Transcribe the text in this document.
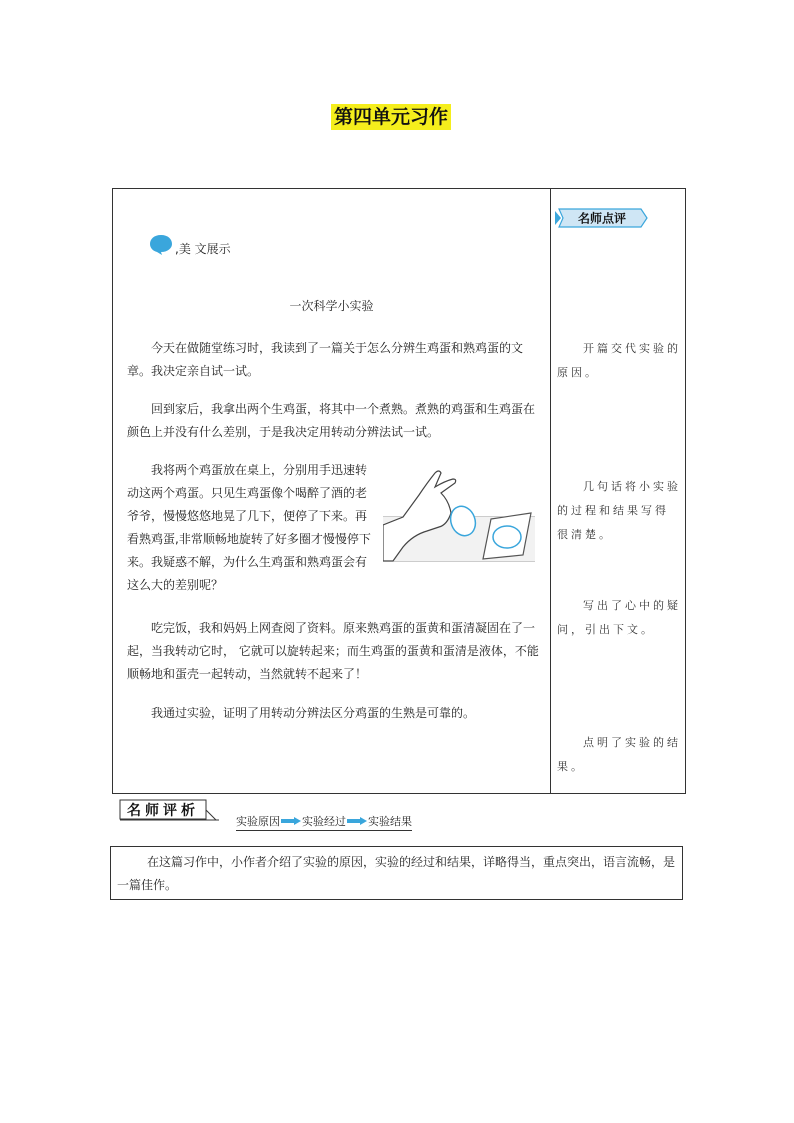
第四单元习作
,美 文展示
一次科学小实验

今天在做随堂练习时，我读到了一篇关于怎么分辨生鸡蛋和熟鸡蛋的文章。我决定亲自试一试。

回到家后，我拿出两个生鸡蛋，将其中一个煮熟。煮熟的鸡蛋和生鸡蛋在颜色上并没有什么差别，于是我决定用转动分辨法试一试。

我将两个鸡蛋放在桌上，分别用手迅速转动这两个鸡蛋。只见生鸡蛋像个喝醉了酒的老爷爷，慢慢悠悠地晃了几下，便停了下来。再看熟鸡蛋,非常顺畅地旋转了好多圈才慢慢停下来。我疑惑不解，为什么生鸡蛋和熟鸡蛋会有这么大的差别呢？

吃完饭，我和妈妈上网查阅了资料。原来熟鸡蛋的蛋黄和蛋清凝固在了一起，当我转动它时， 它就可以旋转起来；而生鸡蛋的蛋黄和蛋清是液体，不能顺畅地和蛋壳一起转动，当然就转不起来了！

我通过实验，证明了用转动分辨法区分鸡蛋的生熟是可靠的。

名师点评

开篇交代实验的原因。

几句话将小实验的过程和结果写得很清楚。

写出了心中的疑问，引出下文。

点明了实验的结果。

名师评析
实验原因 实验经过 实验结果
在这篇习作中，小作者介绍了实验的原因，实验的经过和结果，详略得当，重点突出，语言流畅，是一篇佳作。
